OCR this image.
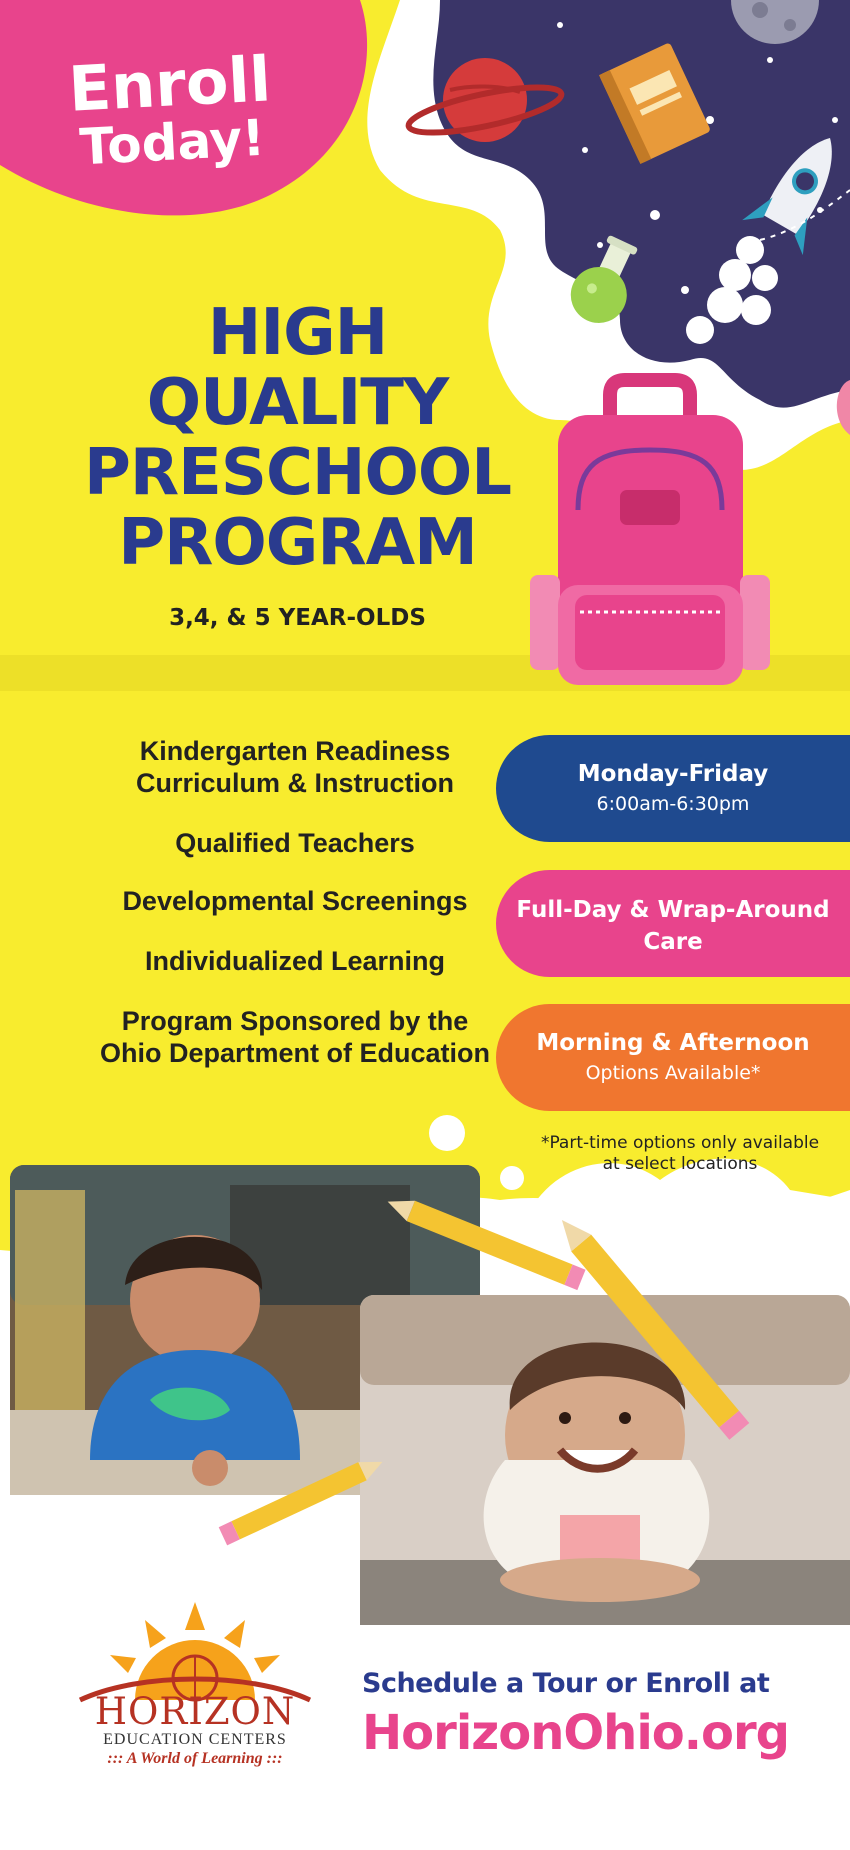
Enroll
Today!
HIGH
QUALITY
PRESCHOOL
PROGRAM
3,4, & 5 YEAR-OLDS
Kindergarten Readiness Curriculum & Instruction
Qualified Teachers
Developmental Screenings
Individualized Learning
Program Sponsored by the Ohio Department of Education
Monday-Friday
6:00am-6:30pm
Full-Day & Wrap-Around Care
Morning & Afternoon
Options Available*
*Part-time options only available at select locations
HORIZON
EDUCATION CENTERS
::: A World of Learning :::
Schedule a Tour or Enroll at
HorizonOhio.org
